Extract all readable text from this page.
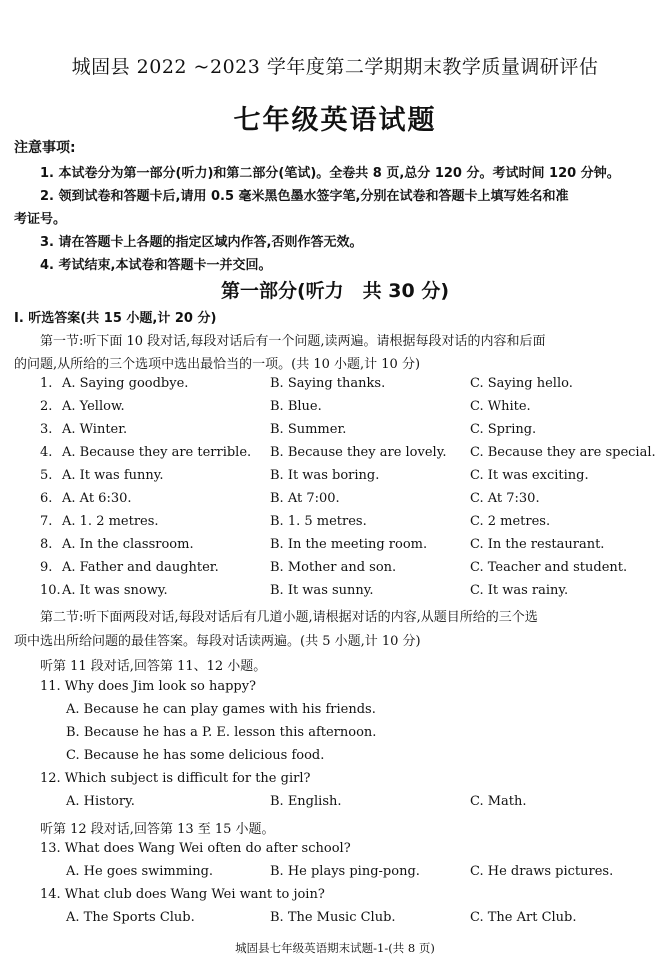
城固县 2022 ~2023 学年度第二学期期末教学质量调研评估
七年级英语试题
注意事项:
1. 本试卷分为第一部分(听力)和第二部分(笔试)。全卷共 8 页,总分 120 分。考试时间 120 分钟。
2. 领到试卷和答题卡后,请用 0.5 毫米黑色墨水签字笔,分别在试卷和答题卡上填写姓名和准
考证号。
3. 请在答题卡上各题的指定区域内作答,否则作答无效。
4. 考试结束,本试卷和答题卡一并交回。
第一部分(听力　共 30 分)
Ⅰ. 听选答案(共 15 小题,计 20 分)
第一节:听下面 10 段对话,每段对话后有一个问题,读两遍。请根据每段对话的内容和后面
的问题,从所给的三个选项中选出最恰当的一项。(共 10 小题,计 10 分)
1. A. Saying goodbye.	B. Saying thanks.	C. Saying hello.
2. A. Yellow.	B. Blue.	C. White.
3. A. Winter.	B. Summer.	C. Spring.
4. A. Because they are terrible. B. Because they are lovely. C. Because they are special.
5. A. It was funny.	B. It was boring.	C. It was exciting.
6. A. At 6:30.	B. At 7:00.	C. At 7:30.
7. A. 1. 2 metres.	B. 1. 5 metres.	C. 2 metres.
8. A. In the classroom.	B. In the meeting room.	C. In the restaurant.
9. A. Father and daughter.	B. Mother and son.	C. Teacher and student.
10. A. It was snowy.	B. It was sunny.	C. It was rainy.
第二节:听下面两段对话,每段对话后有几道小题,请根据对话的内容,从题目所给的三个选
项中选出所给问题的最佳答案。每段对话读两遍。(共 5 小题,计 10 分)
听第 11 段对话,回答第 11、12 小题。
11. Why does Jim look so happy?
A. Because he can play games with his friends.
B. Because he has a P. E. lesson this afternoon.
C. Because he has some delicious food.
12. Which subject is difficult for the girl?
A. History.	B. English.	C. Math.
听第 12 段对话,回答第 13 至 15 小题。
13. What does Wang Wei often do after school?
A. He goes swimming.	B. He plays ping-pong.	C. He draws pictures.
14. What club does Wang Wei want to join?
A. The Sports Club.	B. The Music Club.	C. The Art Club.
城固县七年级英语期末试题-1-(共 8 页)
